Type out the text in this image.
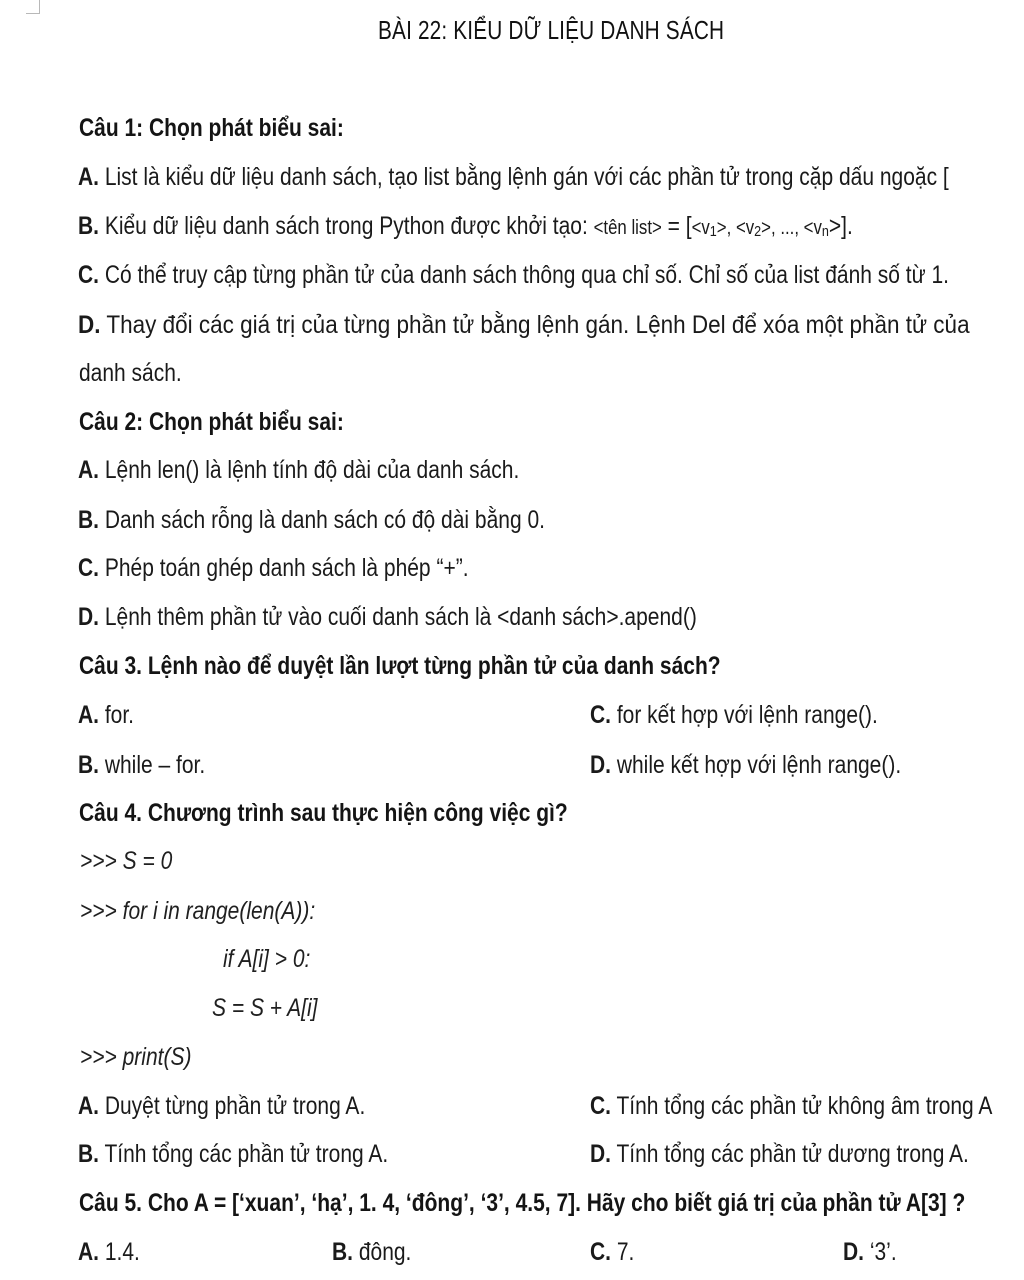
BÀI 22: KIỂU DỮ LIỆU DANH SÁCH
Câu 1: Chọn phát biểu sai:
A. List là kiểu dữ liệu danh sách, tạo list bằng lệnh gán với các phần tử trong cặp dấu ngoặc [
B. Kiểu dữ liệu danh sách trong Python được khởi tạo: <tên list> = [<v1>, <v2>, ..., <vn>].
C. Có thể truy cập từng phần tử của danh sách thông qua chỉ số. Chỉ số của list đánh số từ 1.
D. Thay đổi các giá trị của từng phần tử bằng lệnh gán. Lệnh Del để xóa một phần tử của
danh sách.
Câu 2: Chọn phát biểu sai:
A. Lệnh len() là lệnh tính độ dài của danh sách.
B. Danh sách rỗng là danh sách có độ dài bằng 0.
C. Phép toán ghép danh sách là phép “+”.
D. Lệnh thêm phần tử vào cuối danh sách là <danh sách>.apend()
Câu 3. Lệnh nào để duyệt lần lượt từng phần tử của danh sách?
A. for.	C. for kết hợp với lệnh range().
B. while – for.	D. while kết hợp với lệnh range().
Câu 4. Chương trình sau thực hiện công việc gì?
>>> S = 0
>>> for i in range(len(A)):
if A[i] > 0:
S = S + A[i]
>>> print(S)
A. Duyệt từng phần tử trong A.	C. Tính tổng các phần tử không âm trong A
B. Tính tổng các phần tử trong A.	D. Tính tổng các phần tử dương trong A.
Câu 5. Cho A = [‘xuan’, ‘hạ’, 1. 4, ‘đông’, ‘3’, 4.5, 7]. Hãy cho biết giá trị của phần tử A[3] ?
A. 1.4.	B. đông.	C. 7.	D. ‘3’.
